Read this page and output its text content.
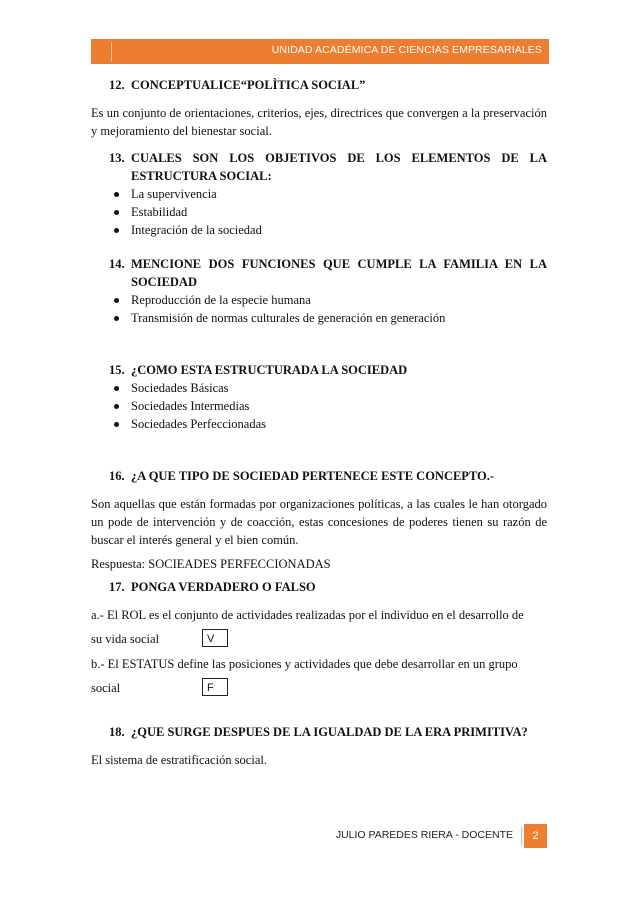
UNIDAD ACADÉMICA DE CIENCIAS EMPRESARIALES
12. CONCEPTUALICE“POLÌTICA SOCIAL”
Es un conjunto de orientaciones, criterios, ejes, directrices que convergen a la preservación y mejoramiento del bienestar social.
13. CUALES SON LOS OBJETIVOS DE LOS ELEMENTOS DE LA ESTRUCTURA SOCIAL:
La supervivencia
Estabilidad
Integración de la sociedad
14. MENCIONE DOS FUNCIONES QUE CUMPLE LA FAMILIA EN LA SOCIEDAD
Reproducción de la especie humana
Transmisión de normas culturales de generación en generación
15. ¿COMO ESTA ESTRUCTURADA LA SOCIEDAD
Sociedades Básicas
Sociedades Intermedias
Sociedades Perfeccionadas
16. ¿A QUE TIPO DE SOCIEDAD PERTENECE ESTE CONCEPTO.-
Son aquellas que están formadas por organizaciones políticas, a las cuales le han otorgado un pode de intervención y de coacción, estas concesiones de poderes tienen su razón de buscar el interés general y el bien común.
Respuesta: SOCIEADES PERFECCIONADAS
17. PONGA VERDADERO O FALSO
a.- El ROL es el conjunto de actividades realizadas por el individuo en el desarrollo de
su vida social	V
b.- El ESTATUS define las posiciones y actividades que debe desarrollar en un grupo
social	F
18. ¿QUE SURGE DESPUES DE LA IGUALDAD DE LA ERA PRIMITIVA?
El sistema de estratificación social.
JULIO PAREDES RIERA - DOCENTE	2
